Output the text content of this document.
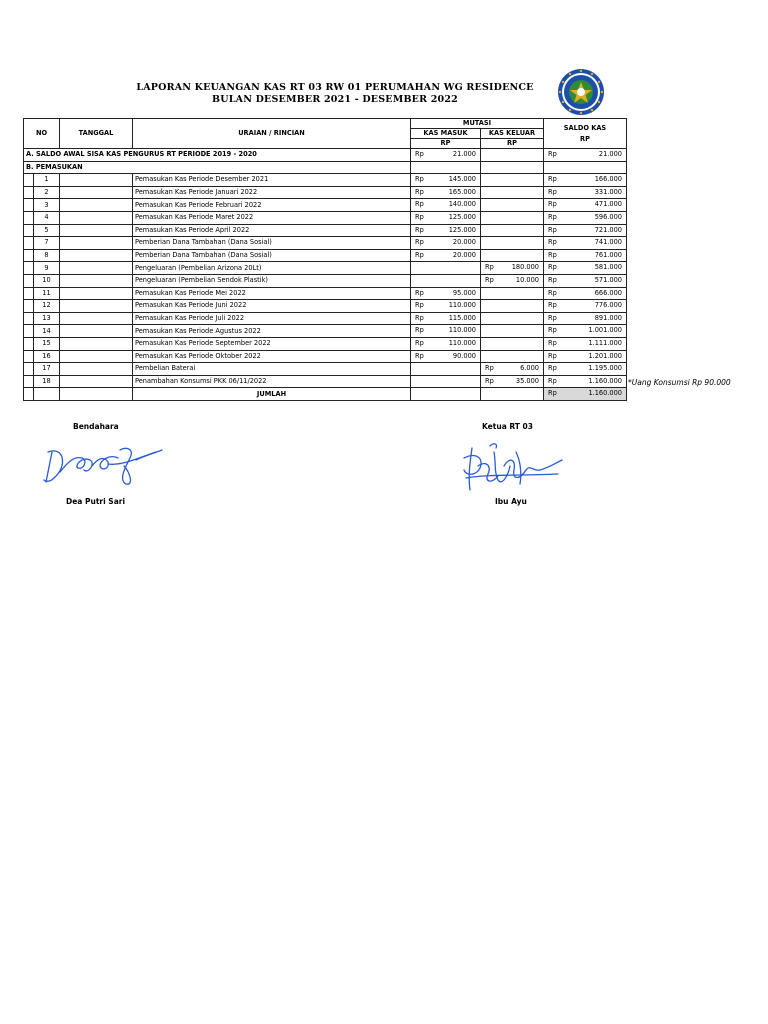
LAPORAN KEUANGAN KAS RT 03 RW 01 PERUMAHAN WG RESIDENCE
BULAN DESEMBER 2021 - DESEMBER 2022
NO		TANGGAL	URAIAN / RINCIAN	MUTASI		SALDO KAS
RP

				KAS MASUK	KAS KELUAR	
				RP	RP	
A. SALDO AWAL SISA KAS PENGURUS RT PERIODE 2019 - 2020				Rp 21.000		Rp 21.000

B. PEMASUKAN						
	1		Pemasukan Kas Periode Desember 2021	Rp 145.000		Rp 166.000

	2		Pemasukan Kas Periode Januari 2022	Rp 165.000		Rp 331.000

	3		Pemasukan Kas Periode Februari 2022	Rp 140.000		Rp 471.000

	4		Pemasukan Kas Periode Maret 2022	Rp 125.000		Rp 596.000

	5		Pemasukan Kas Periode April 2022	Rp 125.000		Rp 721.000

	7		Pemberian Dana Tambahan (Dana Sosial)	Rp 20.000		Rp 741.000

	8		Pemberian Dana Tambahan (Dana Sosial)	Rp 20.000		Rp 761.000

	9		Pengeluaran (Pembelian Arizona 20Lt)		Rp 180.000	Rp 581.000

	10		Pengeluaran (Pembelian Sendok Plastik)		Rp 10.000	Rp 571.000

	11		Pemasukan Kas Periode Mei 2022	Rp 95.000		Rp 666.000

	12		Pemasukan Kas Periode Juni 2022	Rp 110.000		Rp 776.000

	13		Pemasukan Kas Periode Juli 2022	Rp 115.000		Rp 891.000

	14		Pemasukan Kas Periode Agustus 2022	Rp 110.000		Rp 1.001.000

	15		Pemasukan Kas Periode September 2022	Rp 110.000		Rp 1.111.000

	16		Pemasukan Kas Periode Oktober 2022	Rp 90.000		Rp 1.201.000

	17		Pembelian Baterai		Rp 6.000	Rp 1.195.000

	18		Penambahan Konsumsi PKK 06/11/2022		Rp 35.000	Rp 1.160.000

			JUMLAH			Rp 1.160.000
*Uang Konsumsi Rp 90.000
Bendahara	Ketua RT 03
Dea Putri Sari	Ibu Ayu
